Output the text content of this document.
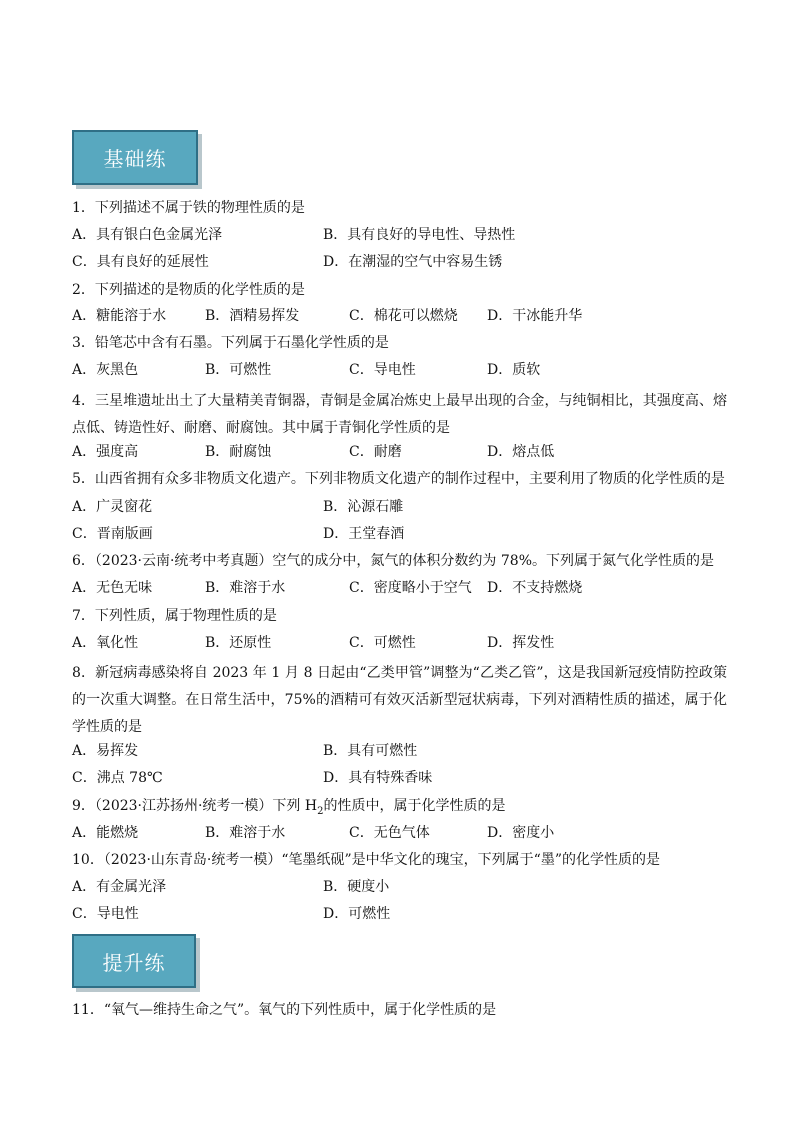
基础练
1．下列描述不属于铁的物理性质的是
A．具有银白色金属光泽	B．具有良好的导电性、导热性
C．具有良好的延展性	D．在潮湿的空气中容易生锈
2．下列描述的是物质的化学性质的是
A．糖能溶于水	B．酒精易挥发	C．棉花可以燃烧 D．干冰能升华
3．铅笔芯中含有石墨。下列属于石墨化学性质的是
A．灰黑色	B．可燃性	C．导电性	D．质软
4．三星堆遗址出土了大量精美青铜器，青铜是金属冶炼史上最早出现的合金，与纯铜相比，其强度高、熔点低、铸造性好、耐磨、耐腐蚀。其中属于青铜化学性质的是
A．强度高	B．耐腐蚀	C．耐磨	D．熔点低
5．山西省拥有众多非物质文化遗产。下列非物质文化遗产的制作过程中，主要利用了物质的化学性质的是
A．广灵窗花	B．沁源石雕
C．晋南版画	D．王堂春酒
6．（2023·云南·统考中考真题）空气的成分中，氮气的体积分数约为 78%。下列属于氮气化学性质的是
A．无色无味	B．难溶于水	C．密度略小于空气 D．不支持燃烧
7．下列性质，属于物理性质的是
A．氧化性	B．还原性	C．可燃性	D．挥发性
8．新冠病毒感染将自 2023 年 1 月 8 日起由“乙类甲管”调整为“乙类乙管”，这是我国新冠疫情防控政策的一次重大调整。在日常生活中，75%的酒精可有效灭活新型冠状病毒，下列对酒精性质的描述，属于化学性质的是
A．易挥发	B．具有可燃性
C．沸点 78℃	D．具有特殊香味
9．（2023·江苏扬州·统考一模）下列 $H_2$的性质中，属于化学性质的是
A．能燃烧	B．难溶于水	C．无色气体	D．密度小
10．（2023·山东青岛·统考一模）“笔墨纸砚”是中华文化的瑰宝，下列属于“墨”的化学性质的是
A．有金属光泽	B．硬度小
C．导电性	D．可燃性
提升练
11．“氧气—维持生命之气”。氧气的下列性质中，属于化学性质的是
